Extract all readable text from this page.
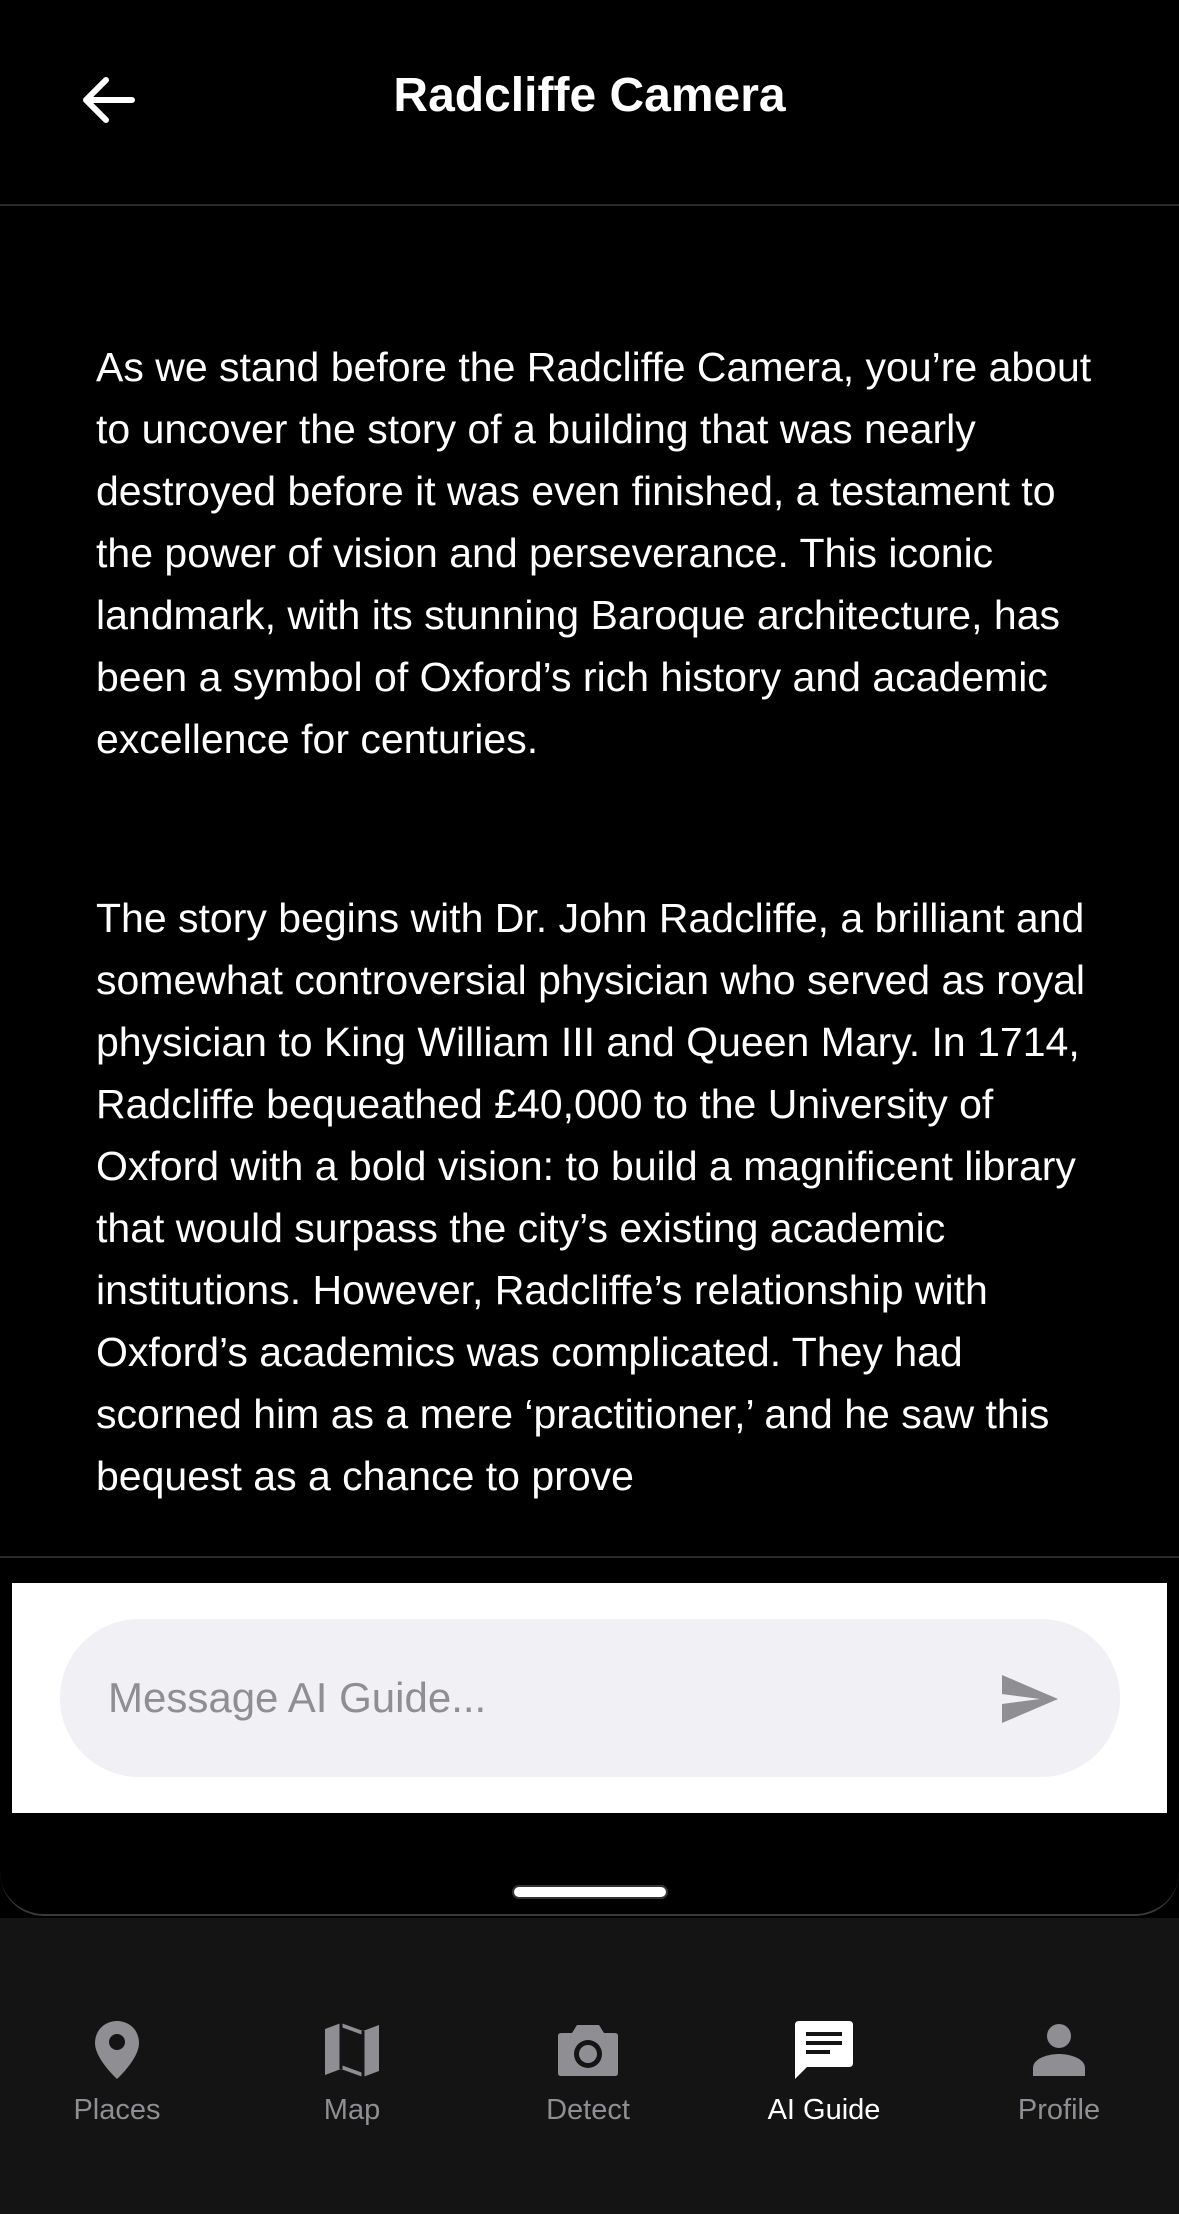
Radcliffe Camera

As we stand before the Radcliffe Camera, you’re about to uncover the story of a building that was nearly destroyed before it was even finished, a testament to the power of vision and perseverance. This iconic landmark, with its stunning Baroque architecture, has been a symbol of Oxford’s rich history and academic excellence for centuries.

The story begins with Dr. John Radcliffe, a brilliant and somewhat controversial physician who served as royal physician to King William III and Queen Mary. In 1714, Radcliffe bequeathed £40,000 to the University of Oxford with a bold vision: to build a magnificent library that would surpass the city’s existing academic institutions. However, Radcliffe’s relationship with Oxford’s academics was complicated. They had scorned him as a mere ‘practitioner,’ and he saw this bequest as a chance to prove

Message AI Guide...
Places	Map	Detect	AI Guide	Profile
